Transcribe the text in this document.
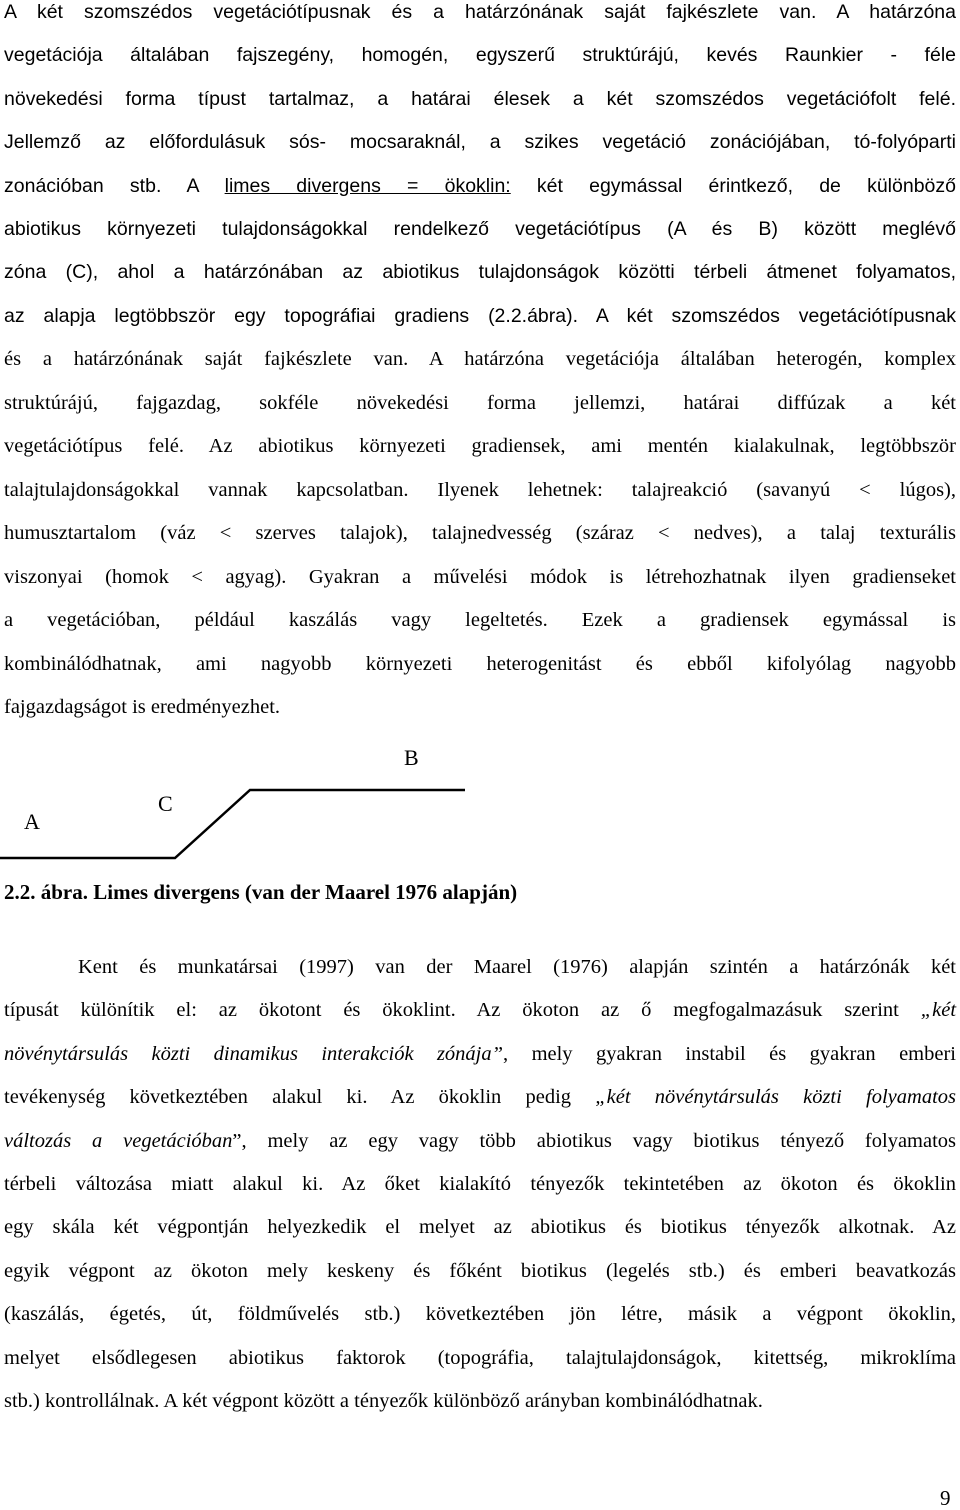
A két szomszédos vegetációtípusnak és a határzónának saját fajkészlete van. A határzóna
vegetációja általában fajszegény, homogén, egyszerű struktúrájú, kevés Raunkier - féle
növekedési forma típust tartalmaz, a határai élesek a két szomszédos vegetációfolt felé.
Jellemző az előfordulásuk sós- mocsaraknál, a szikes vegetáció zonációjában, tó-folyóparti
zonációban stb. A limes divergens = ökoklin: két egymással érintkező, de különböző
abiotikus környezeti tulajdonságokkal rendelkező vegetációtípus (A és B) között meglévő
zóna (C), ahol a határzónában az abiotikus tulajdonságok közötti térbeli átmenet folyamatos,
az alapja legtöbbször egy topográfiai gradiens (2.2.ábra). A két szomszédos vegetációtípusnak
és a határzónának saját fajkészlete van. A határzóna vegetációja általában heterogén, komplex
struktúrájú, fajgazdag, sokféle növekedési forma jellemzi, határai diffúzak a két
vegetációtípus felé. Az abiotikus környezeti gradiensek, ami mentén kialakulnak, legtöbbször
talajtulajdonságokkal vannak kapcsolatban. Ilyenek lehetnek: talajreakció (savanyú < lúgos),
humusztartalom (váz < szerves talajok), talajnedvesség (száraz < nedves), a talaj texturális
viszonyai (homok < agyag). Gyakran a művelési módok is létrehozhatnak ilyen gradienseket
a vegetációban, például kaszálás vagy legeltetés. Ezek a gradiensek egymással is
kombinálódhatnak, ami nagyobb környezeti heterogenitást és ebből kifolyólag nagyobb
fajgazdagságot is eredményezhet.
A
C
B
2.2. ábra. Limes divergens (van der Maarel 1976 alapján)
Kent és munkatársai (1997) van der Maarel (1976) alapján szintén a határzónák két
típusát különítik el: az ökotont és ökoklint. Az ökoton az ő megfogalmazásuk szerint „két
növénytársulás közti dinamikus interakciók zónája”, mely gyakran instabil és gyakran emberi
tevékenység következtében alakul ki. Az ökoklin pedig „két növénytársulás közti folyamatos
változás a vegetációban”, mely az egy vagy több abiotikus vagy biotikus tényező folyamatos
térbeli változása miatt alakul ki. Az őket kialakító tényezők tekintetében az ökoton és ökoklin
egy skála két végpontján helyezkedik el melyet az abiotikus és biotikus tényezők alkotnak. Az
egyik végpont az ökoton mely keskeny és főként biotikus (legelés stb.) és emberi beavatkozás
(kaszálás, égetés, út, földművelés stb.) következtében jön létre, másik a végpont ökoklin,
melyet elsődlegesen abiotikus faktorok (topográfia, talajtulajdonságok, kitettség, mikroklíma
stb.) kontrollálnak. A két végpont között a tényezők különböző arányban kombinálódhatnak.
9
